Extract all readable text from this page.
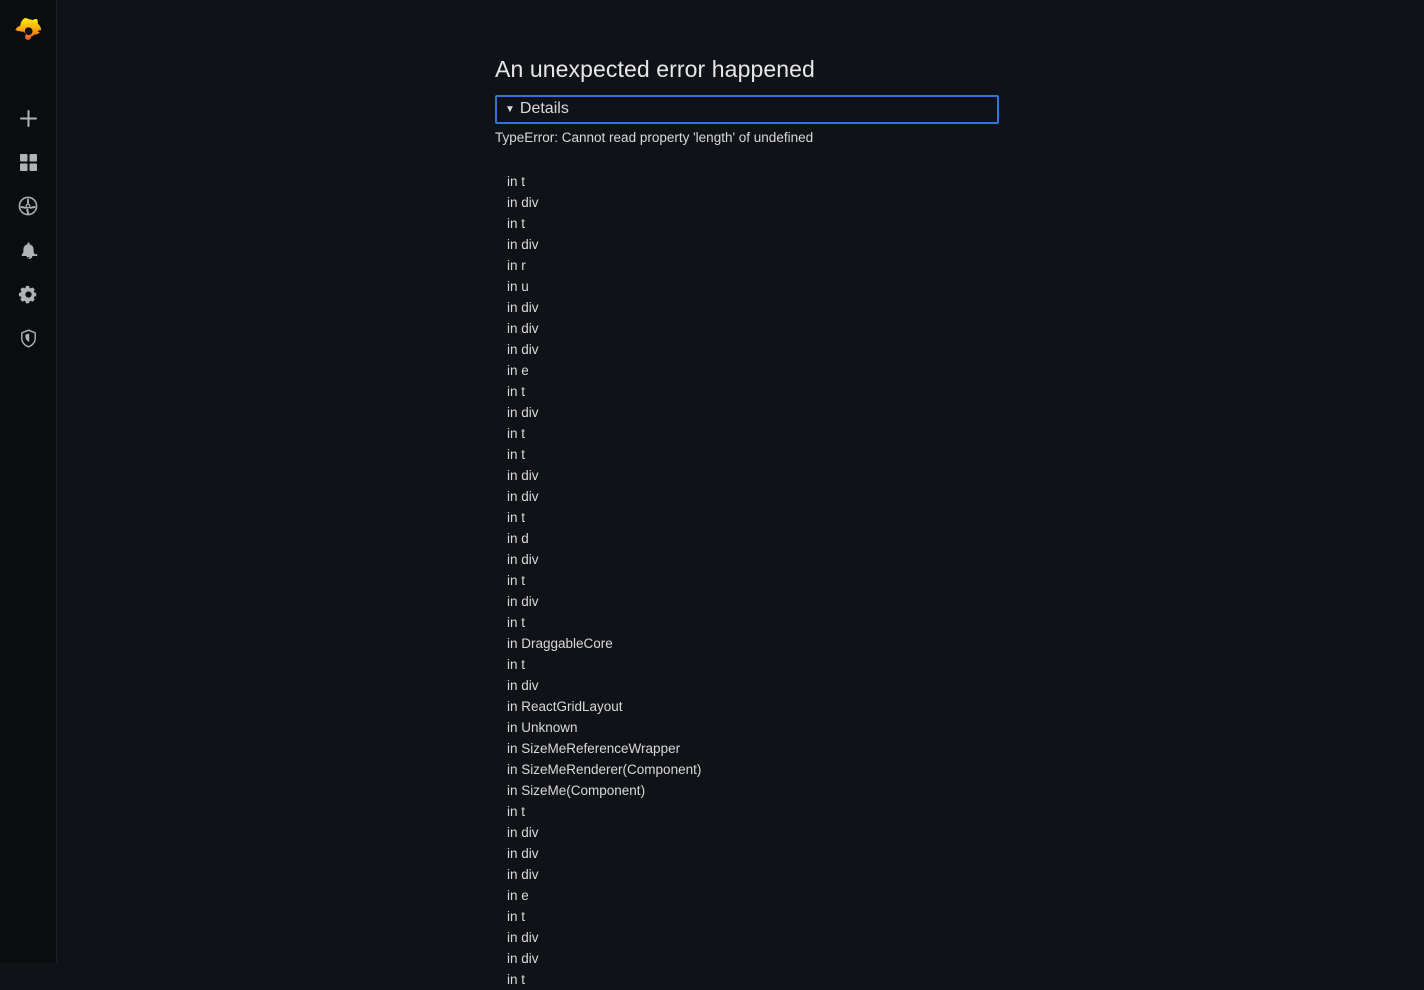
An unexpected error happened
▼ Details
TypeError: Cannot read property 'length' of undefined
in t
in div
in t
in div
in r
in u
in div
in div
in div
in e
in t
in div
in t
in t
in div
in div
in t
in d
in div
in t
in div
in t
in DraggableCore
in t
in div
in ReactGridLayout
in Unknown
in SizeMeReferenceWrapper
in SizeMeRenderer(Component)
in SizeMe(Component)
in t
in div
in div
in div
in e
in t
in div
in div
in t
